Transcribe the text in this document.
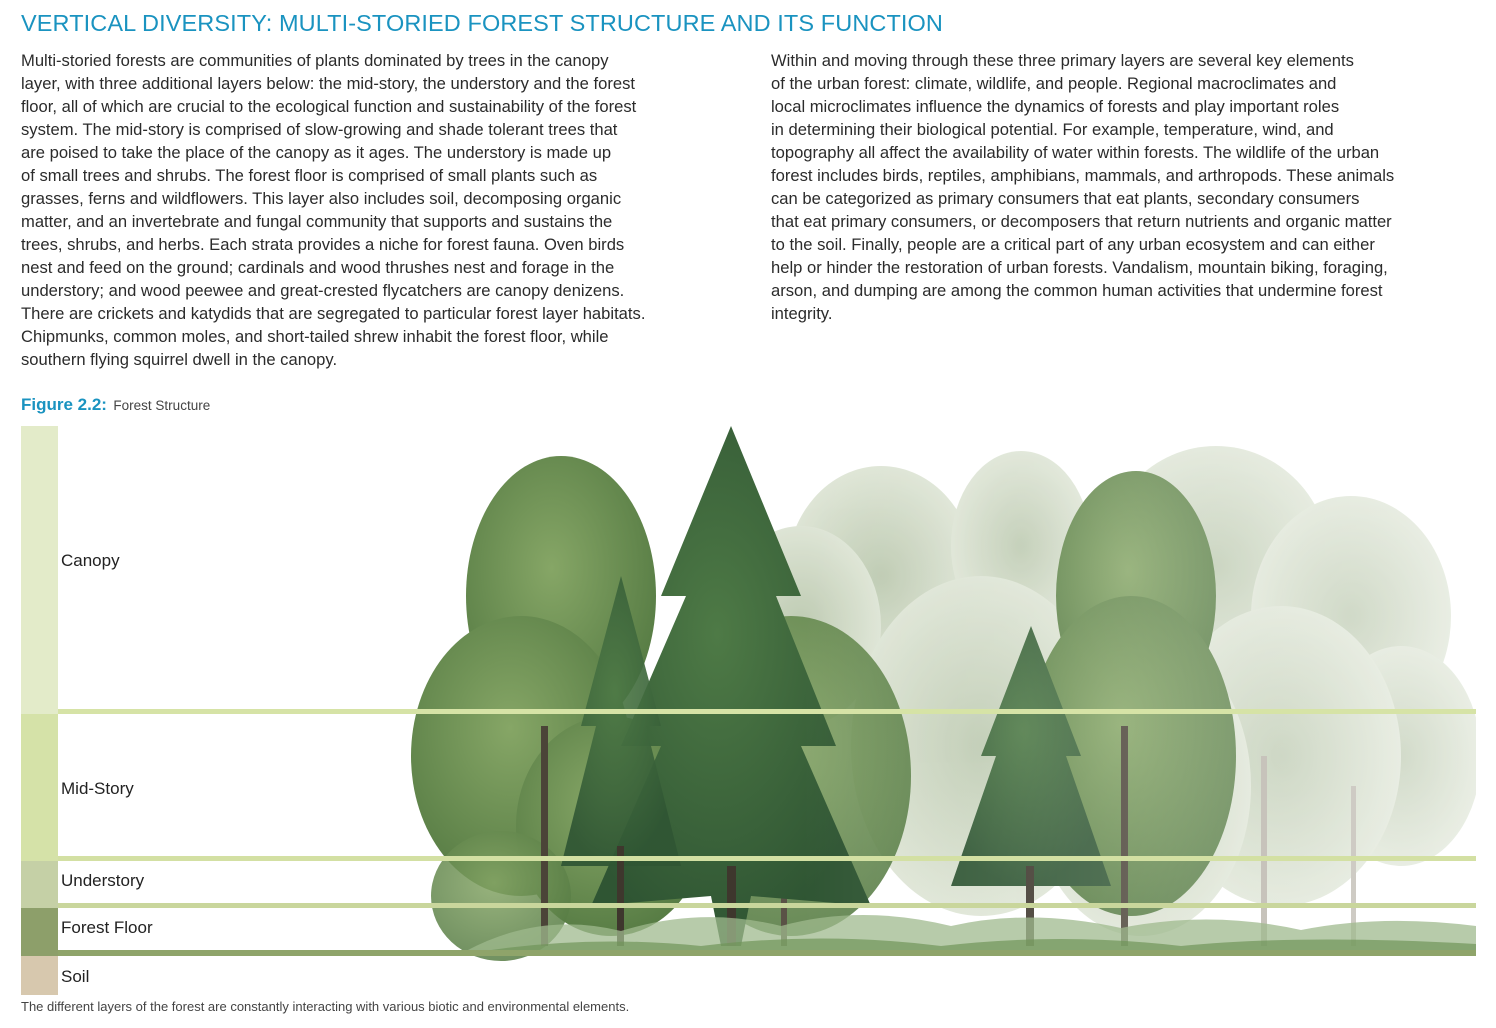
VERTICAL DIVERSITY: MULTI-STORIED FOREST STRUCTURE AND ITS FUNCTION

Multi-storied forests are communities of plants dominated by trees in the canopy
layer, with three additional layers below: the mid-story, the understory and the forest
floor, all of which are crucial to the ecological function and sustainability of the forest
system. The mid-story is comprised of slow-growing and shade tolerant trees that
are poised to take the place of the canopy as it ages. The understory is made up
of small trees and shrubs. The forest floor is comprised of small plants such as
grasses, ferns and wildflowers. This layer also includes soil, decomposing organic
matter, and an invertebrate and fungal community that supports and sustains the
trees, shrubs, and herbs. Each strata provides a niche for forest fauna. Oven birds
nest and feed on the ground; cardinals and wood thrushes nest and forage in the
understory; and wood peewee and great-crested flycatchers are canopy denizens.
There are crickets and katydids that are segregated to particular forest layer habitats.
Chipmunks, common moles, and short-tailed shrew inhabit the forest floor, while
southern flying squirrel dwell in the canopy.

Within and moving through these three primary layers are several key elements
of the urban forest: climate, wildlife, and people. Regional macroclimates and
local microclimates influence the dynamics of forests and play important roles
in determining their biological potential. For example, temperature, wind, and
topography all affect the availability of water within forests. The wildlife of the urban
forest includes birds, reptiles, amphibians, mammals, and arthropods. These animals
can be categorized as primary consumers that eat plants, secondary consumers
that eat primary consumers, or decomposers that return nutrients and organic matter
to the soil. Finally, people are a critical part of any urban ecosystem and can either
help or hinder the restoration of urban forests. Vandalism, mountain biking, foraging,
arson, and dumping are among the common human activities that undermine forest
integrity.

Figure 2.2: Forest Structure
Canopy
Mid-Story
Understory
Forest Floor
Soil
The different layers of the forest are constantly interacting with various biotic and environmental elements.
